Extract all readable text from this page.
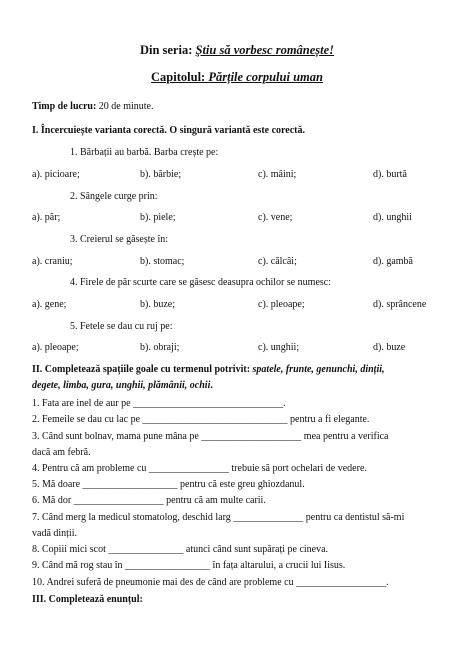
Din seria: Știu să vorbesc românește!
Capitolul: Părțile corpului uman
Timp de lucru: 20 de minute.
I. Încercuiește varianta corectă. O singură variantă este corectă.
1. Bărbații au barbă. Barba crește pe:
a). picioare;	b). bărbie;	c). mâini;	d). burtă
2. Sângele curge prin:
a). păr;	b). piele;	c). vene;	d). unghii
3. Creierul se găsește în:
a). craniu;	b). stomac;	c). călcâi;	d). gambă
4. Firele de păr scurte care se găsesc deasupra ochilor se numesc:
a). gene;	b). buze;	c). pleoape;	d). sprâncene
5. Fetele se dau cu ruj pe:
a). pleoape;	b). obraji;	c). unghii;	d). buze
II. Completează spațiile goale cu termenul potrivit: spatele, frunte, genunchi, dinții,
degete, limba, gura, unghii, plămânii, ochii.
1. Fata are inel de aur pe ______________________________.
2. Femeile se dau cu lac pe _____________________________ pentru a fi elegante.
3. Când sunt bolnav, mama pune mâna pe ____________________ mea pentru a verifica
dacă am febră.
4. Pentru că am probleme cu ________________ trebuie să port ochelari de vedere.
5. Mă doare ___________________ pentru că este greu ghiozdanul.
6. Mă dor __________________ pentru că am multe carii.
7. Când merg la medicul stomatolog, deschid larg ______________ pentru ca dentistul să-mi
vadă dinții.
8. Copiii mici scot _______________ atunci când sunt supărați pe cineva.
9. Când mă rog stau în _________________ în fața altarului, a crucii lui Iisus.
10. Andrei suferă de pneumonie mai des de când are probleme cu __________________.
III. Completează enunțul:
